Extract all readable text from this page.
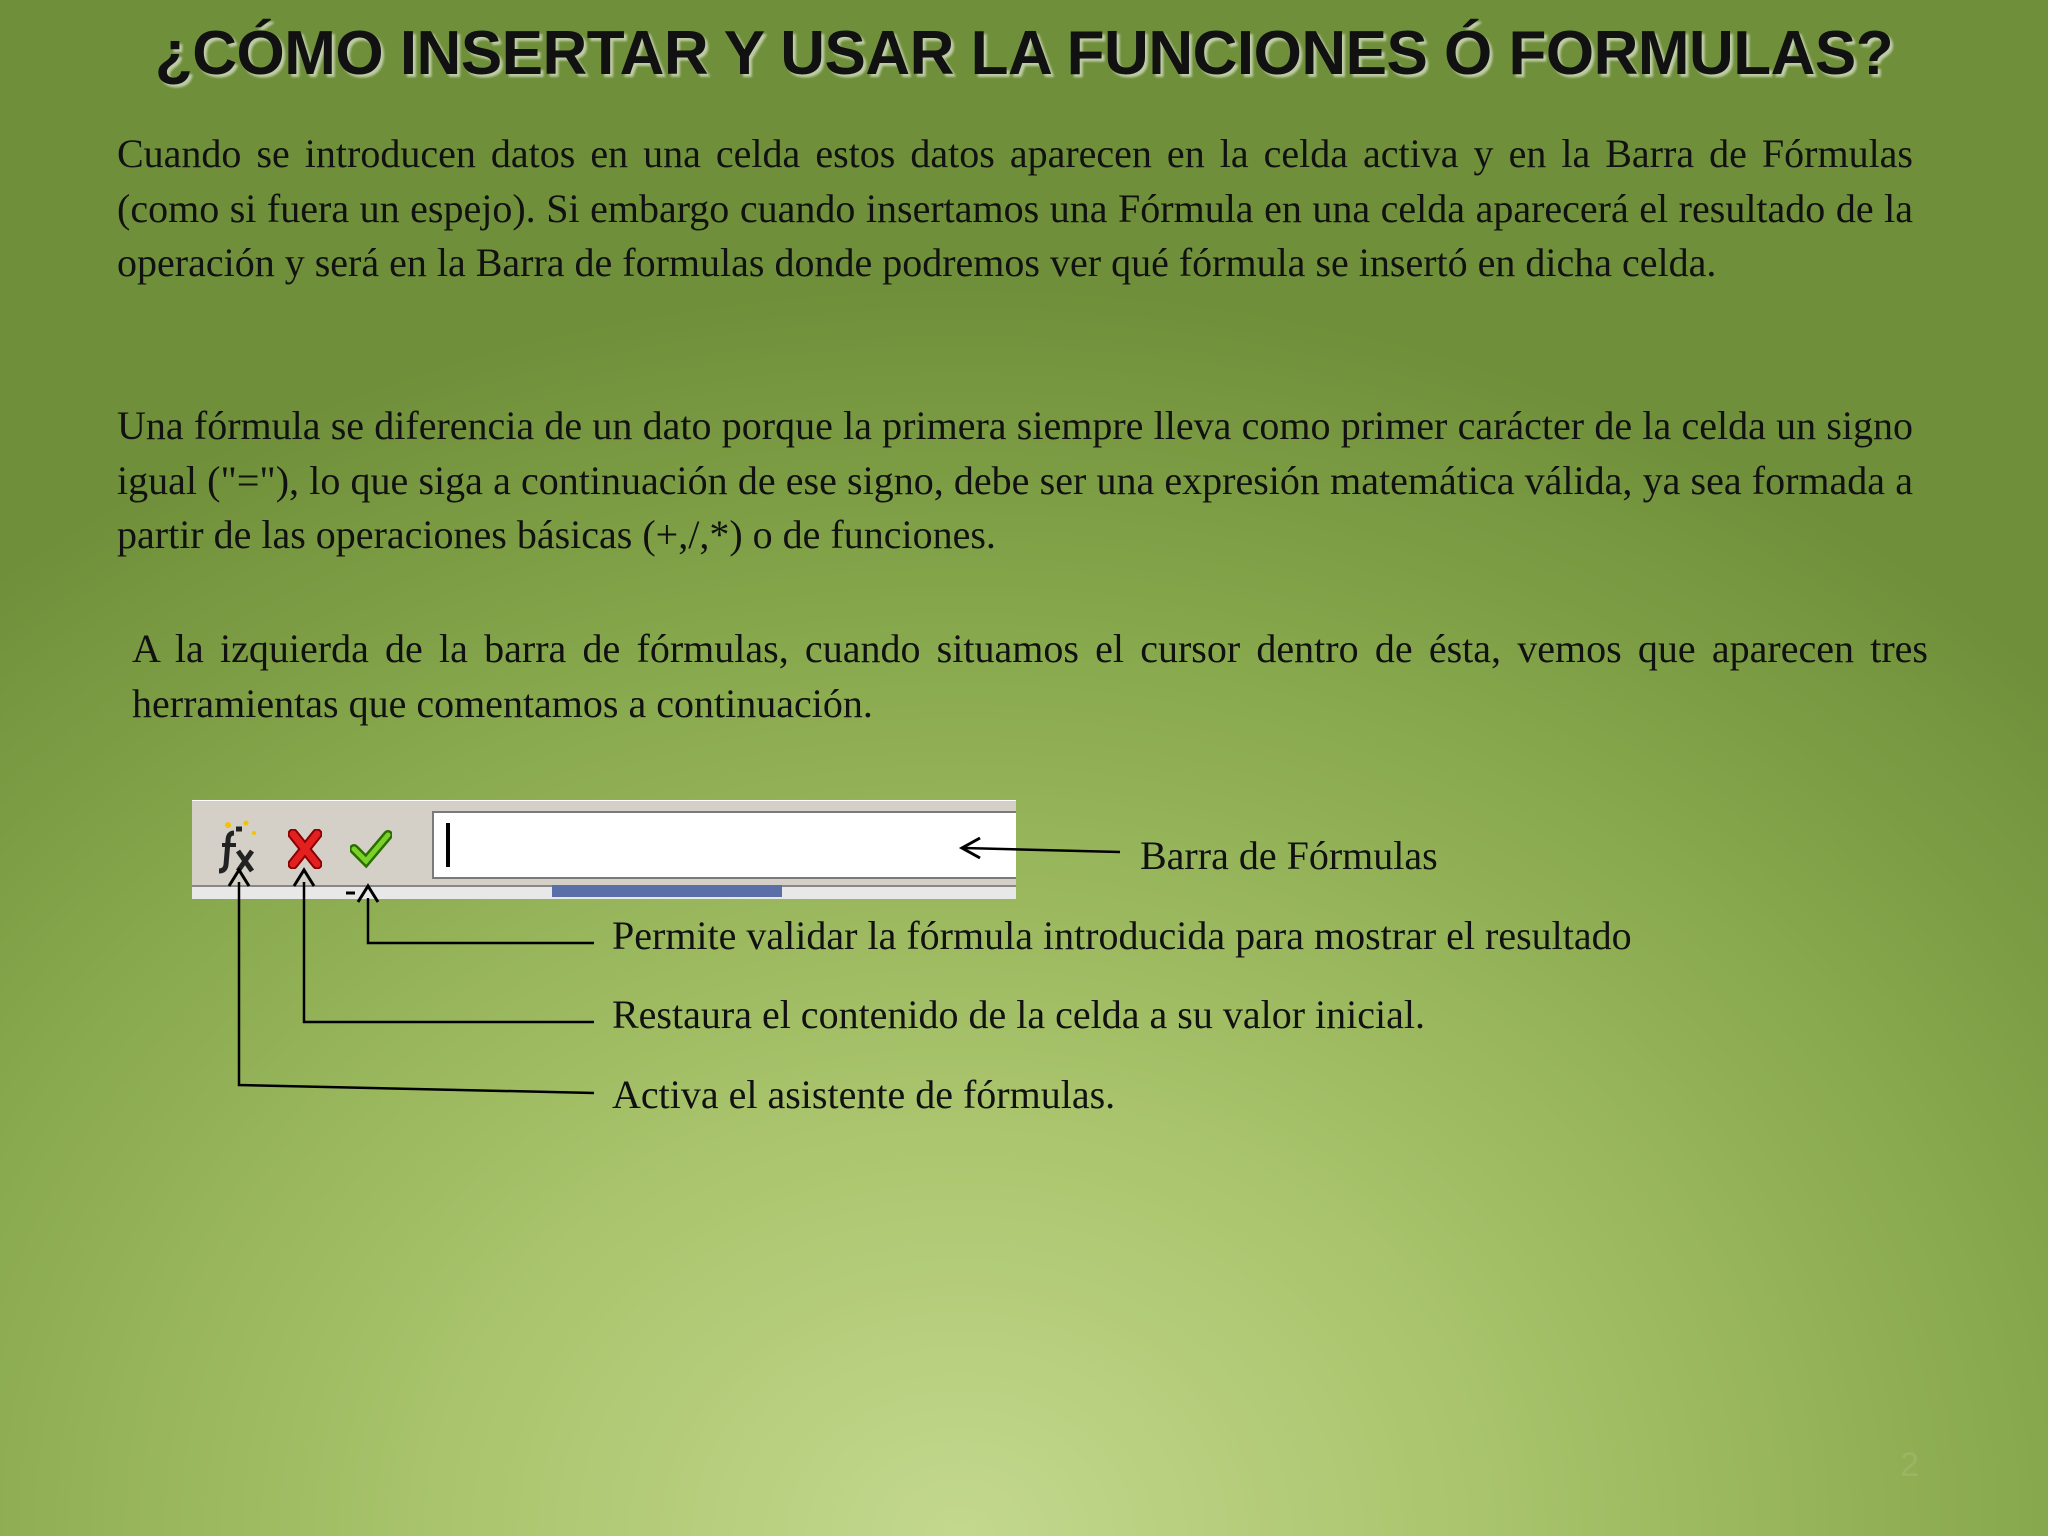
¿CÓMO INSERTAR Y USAR LA FUNCIONES Ó FORMULAS?

Cuando se introducen datos en una celda estos datos aparecen en la celda activa y en la Barra de Fórmulas (como si fuera un espejo). Si embargo cuando insertamos una Fórmula en una celda aparecerá el resultado de la operación y será en la Barra de formulas donde podremos ver qué fórmula se insertó en dicha celda.

Una fórmula se diferencia de un dato porque la primera siempre lleva como primer carácter de la celda un signo igual ("="), lo que siga a continuación de ese signo, debe ser una expresión matemática válida, ya sea formada a partir de las operaciones básicas (+,/,*) o de funciones.

A la izquierda de la barra de fórmulas, cuando situamos el cursor dentro de ésta, vemos que aparecen tres herramientas que comentamos a continuación.

Barra de Fórmulas

Permite validar la fórmula introducida para mostrar el resultado

Restaura el contenido de la celda a su valor inicial.

Activa el asistente de fórmulas.

2
